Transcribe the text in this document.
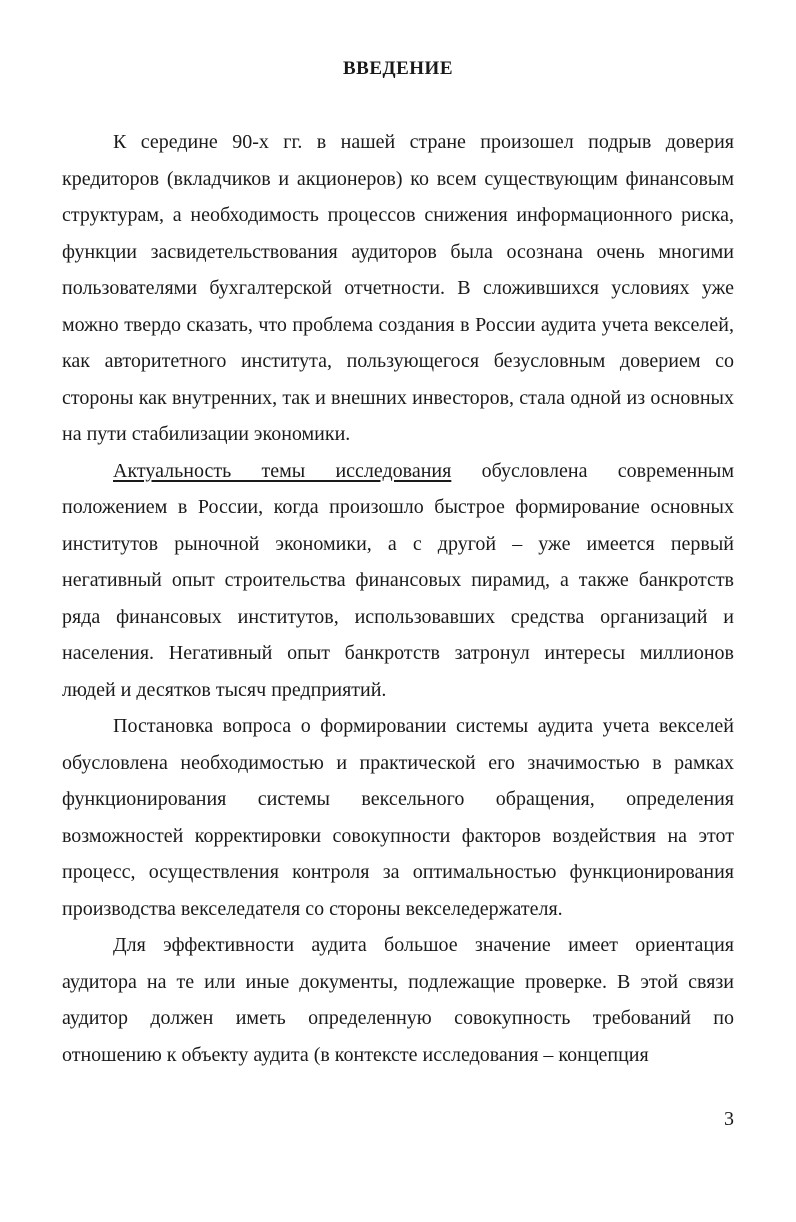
ВВЕДЕНИЕ

К середине 90-х гг. в нашей стране произошел подрыв доверия кредиторов (вкладчиков и акционеров) ко всем существующим финансовым структурам, а необходимость процессов снижения информационного риска, функции засвидетельствования аудиторов была осознана очень многими пользователями бухгалтерской отчетности. В сложившихся условиях уже можно твердо сказать, что проблема создания в России аудита учета векселей, как авторитетного института, пользующегося безусловным доверием со стороны как внутренних, так и внешних инвесторов, стала одной из основных на пути стабилизации экономики.

Актуальность темы исследования обусловлена современным положением в России, когда произошло быстрое формирование основных институтов рыночной экономики, а с другой – уже имеется первый негативный опыт строительства финансовых пирамид, а также банкротств ряда финансовых институтов, использовавших средства организаций и населения. Негативный опыт банкротств затронул интересы миллионов людей и десятков тысяч предприятий.

Постановка вопроса о формировании системы аудита учета векселей обусловлена необходимостью и практической его значимостью в рамках функционирования системы вексельного обращения, определения возможностей корректировки совокупности факторов воздействия на этот процесс, осуществления контроля за оптимальностью функционирования производства векселедателя со стороны векселедержателя.

Для эффективности аудита большое значение имеет ориентация аудитора на те или иные документы, подлежащие проверке. В этой связи аудитор должен иметь определенную совокупность требований по отношению к объекту аудита (в контексте исследования – концепция

3
